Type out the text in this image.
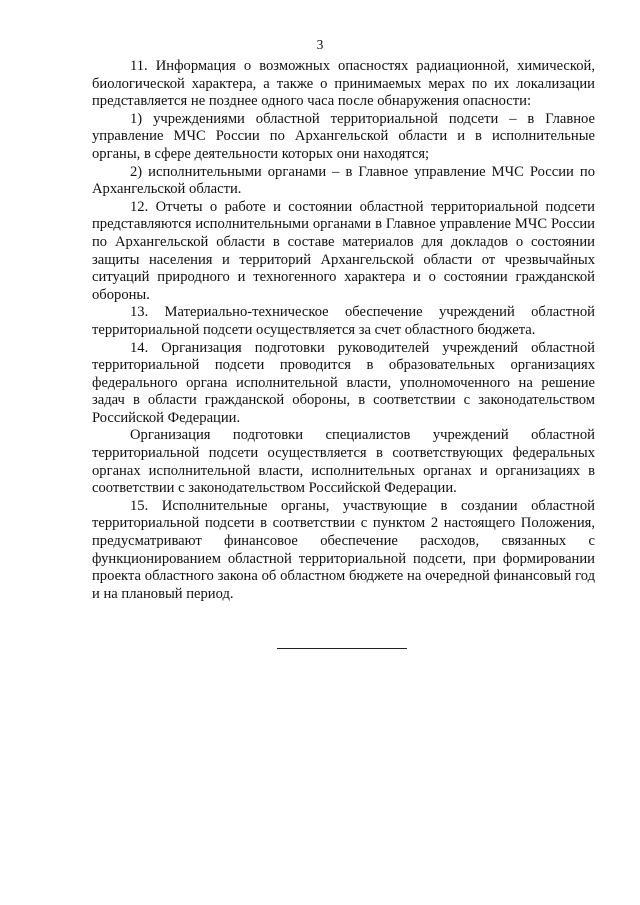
3

11. Информация о возможных опасностях радиационной, химической, биологической характера, а также о принимаемых мерах по их локализации представляется не позднее одного часа после обнаружения опасности:

1) учреждениями областной территориальной подсети – в Главное управление МЧС России по Архангельской области и в исполнительные органы, в сфере деятельности которых они находятся;

2) исполнительными органами – в Главное управление МЧС России по Архангельской области.

12. Отчеты о работе и состоянии областной территориальной подсети представляются исполнительными органами в Главное управление МЧС России по Архангельской области в составе материалов для докладов о состоянии защиты населения и территорий Архангельской области от чрезвычайных ситуаций природного и техногенного характера и о состоянии гражданской обороны.

13. Материально-техническое обеспечение учреждений областной территориальной подсети осуществляется за счет областного бюджета.

14. Организация подготовки руководителей учреждений областной территориальной подсети проводится в образовательных организациях федерального органа исполнительной власти, уполномоченного на решение задач в области гражданской обороны, в соответствии с законодательством Российской Федерации.

Организация подготовки специалистов учреждений областной территориальной подсети осуществляется в соответствующих федеральных органах исполнительной власти, исполнительных органах и организациях в соответствии с законодательством Российской Федерации.

15. Исполнительные органы, участвующие в создании областной территориальной подсети в соответствии с пунктом 2 настоящего Положения, предусматривают финансовое обеспечение расходов, связанных с функционированием областной территориальной подсети, при формировании проекта областного закона об областном бюджете на очередной финансовый год и на плановый период.
